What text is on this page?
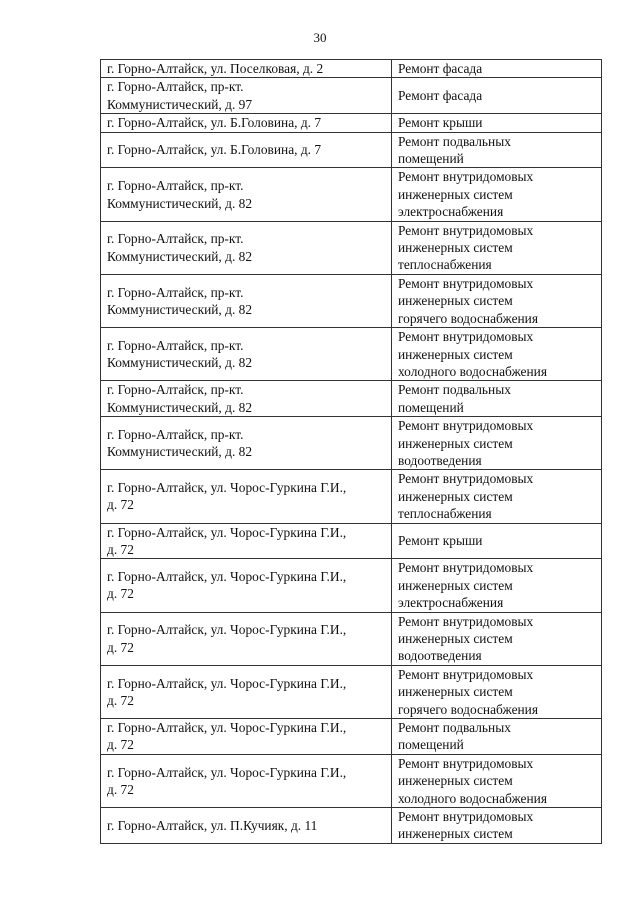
30
г. Горно-Алтайск, ул. Поселковая, д. 2	Ремонт фасада

г. Горно-Алтайск, пр-кт.
Коммунистический, д. 97	Ремонт фасада

г. Горно-Алтайск, ул. Б.Головина, д. 7	Ремонт крыши

г. Горно-Алтайск, ул. Б.Головина, д. 7	Ремонт подвальных
помещений

г. Горно-Алтайск, пр-кт.
Коммунистический, д. 82	Ремонт внутридомовых
инженерных систем
электроснабжения

г. Горно-Алтайск, пр-кт.
Коммунистический, д. 82	Ремонт внутридомовых
инженерных систем
теплоснабжения

г. Горно-Алтайск, пр-кт.
Коммунистический, д. 82	Ремонт внутридомовых
инженерных систем
горячего водоснабжения

г. Горно-Алтайск, пр-кт.
Коммунистический, д. 82	Ремонт внутридомовых
инженерных систем
холодного водоснабжения

г. Горно-Алтайск, пр-кт.
Коммунистический, д. 82	Ремонт подвальных
помещений

г. Горно-Алтайск, пр-кт.
Коммунистический, д. 82	Ремонт внутридомовых
инженерных систем
водоотведения

г. Горно-Алтайск, ул. Чорос-Гуркина Г.И.,
д. 72	Ремонт внутридомовых
инженерных систем
теплоснабжения

г. Горно-Алтайск, ул. Чорос-Гуркина Г.И.,
д. 72	Ремонт крыши

г. Горно-Алтайск, ул. Чорос-Гуркина Г.И.,
д. 72	Ремонт внутридомовых
инженерных систем
электроснабжения

г. Горно-Алтайск, ул. Чорос-Гуркина Г.И.,
д. 72	Ремонт внутридомовых
инженерных систем
водоотведения

г. Горно-Алтайск, ул. Чорос-Гуркина Г.И.,
д. 72	Ремонт внутридомовых
инженерных систем
горячего водоснабжения

г. Горно-Алтайск, ул. Чорос-Гуркина Г.И.,
д. 72	Ремонт подвальных
помещений

г. Горно-Алтайск, ул. Чорос-Гуркина Г.И.,
д. 72	Ремонт внутридомовых
инженерных систем
холодного водоснабжения

г. Горно-Алтайск, ул. П.Кучияк, д. 11	Ремонт внутридомовых
инженерных систем
